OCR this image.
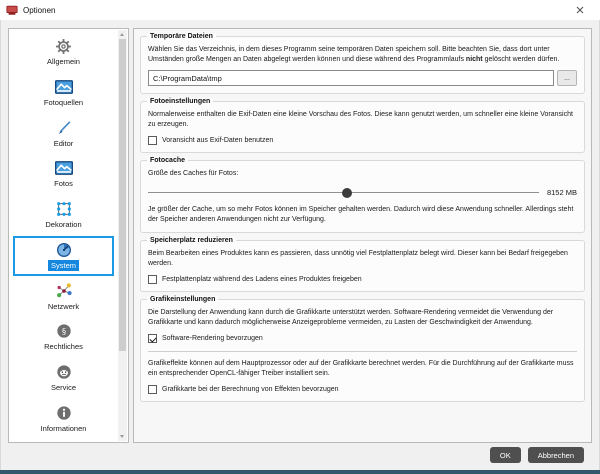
Optionen
Allgemein
Fotoquellen
Editor
Fotos
Dekoration
System
Netzwerk
§
Rechtliches
Service
Informationen
Temporäre Dateien
Wählen Sie das Verzeichnis, in dem dieses Programm seine temporären Daten speichern soll. Bitte beachten Sie, dass dort unter Umständen große Mengen an Daten abgelegt werden können und diese während des Programmlaufs nicht gelöscht werden dürfen.
C:\ProgramData\tmp
...
Fotoeinstellungen
Normalerweise enthalten die Exif-Daten eine kleine Vorschau des Fotos. Diese kann genutzt werden, um schneller eine kleine Voransicht zu erzeugen.
Voransicht aus Exif-Daten benutzen
Fotocache
Größe des Caches für Fotos:
8152 MB
Je größer der Cache, um so mehr Fotos können im Speicher gehalten werden. Dadurch wird diese Anwendung schneller. Allerdings steht der Speicher anderen Anwendungen nicht zur Verfügung.
Speicherplatz reduzieren
Beim Bearbeiten eines Produktes kann es passieren, dass unnötig viel Festplattenplatz belegt wird. Dieser kann bei Bedarf freigegeben werden.
Festplattenplatz während des Ladens eines Produktes freigeben
Grafikeinstellungen
Die Darstellung der Anwendung kann durch die Grafikkarte unterstützt werden. Software-Rendering vermeidet die Verwendung der Grafikkarte und kann dadurch möglicherweise Anzeigeprobleme vermeiden, zu Lasten der Geschwindigkeit der Anwendung.
Software-Rendering bevorzugen
Grafikeffekte können auf dem Hauptprozessor oder auf der Grafikkarte berechnet werden. Für die Durchführung auf der Grafikkarte muss ein entsprechender OpenCL-fähiger Treiber installiert sein.
Grafikkarte bei der Berechnung von Effekten bevorzugen
OK	Abbrechen
